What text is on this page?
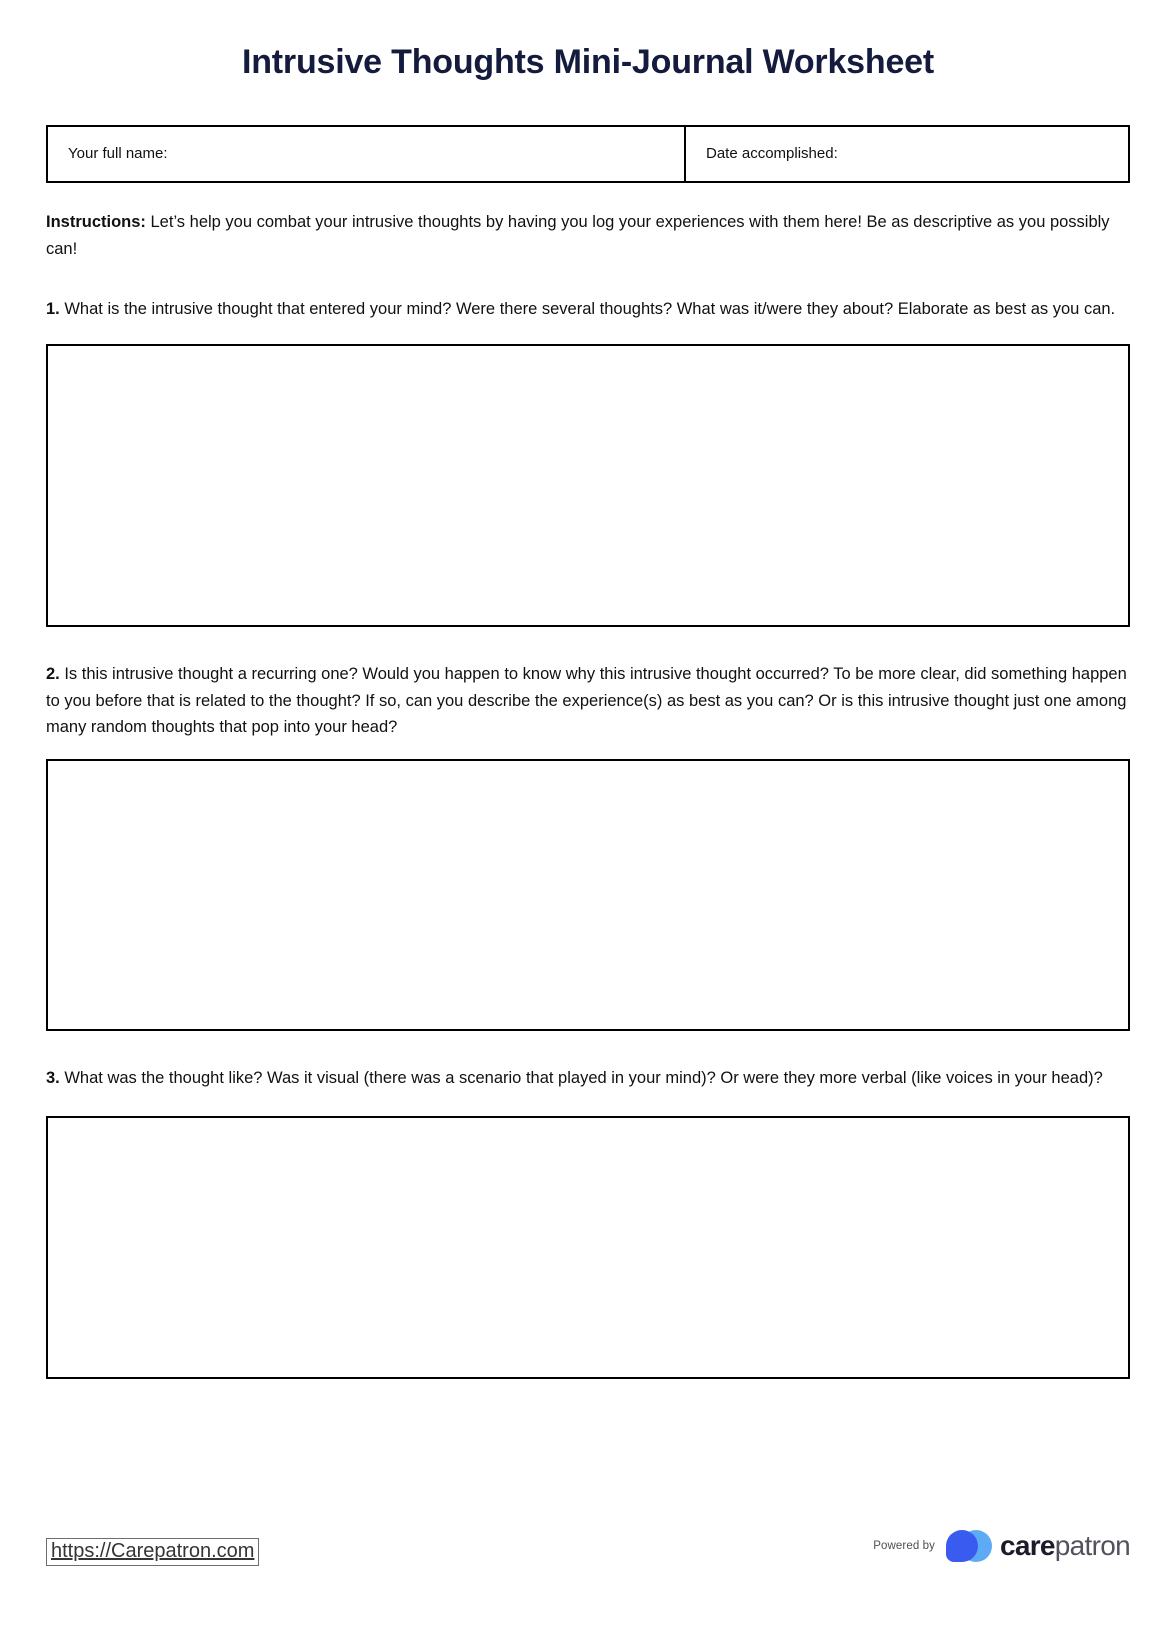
Intrusive Thoughts Mini-Journal Worksheet
Your full name:	Date accomplished:

Instructions: Let’s help you combat your intrusive thoughts by having you log your experiences with them here! Be as descriptive as you possibly can!

1. What is the intrusive thought that entered your mind? Were there several thoughts? What was it/were they about? Elaborate as best as you can.

2. Is this intrusive thought a recurring one? Would you happen to know why this intrusive thought occurred? To be more clear, did something happen to you before that is related to the thought? If so, can you describe the experience(s) as best as you can? Or is this intrusive thought just one among many random thoughts that pop into your head?

3. What was the thought like? Was it visual (there was a scenario that played in your mind)? Or were they more verbal (like voices in your head)?

https://Carepatron.com	Powered by carepatron
